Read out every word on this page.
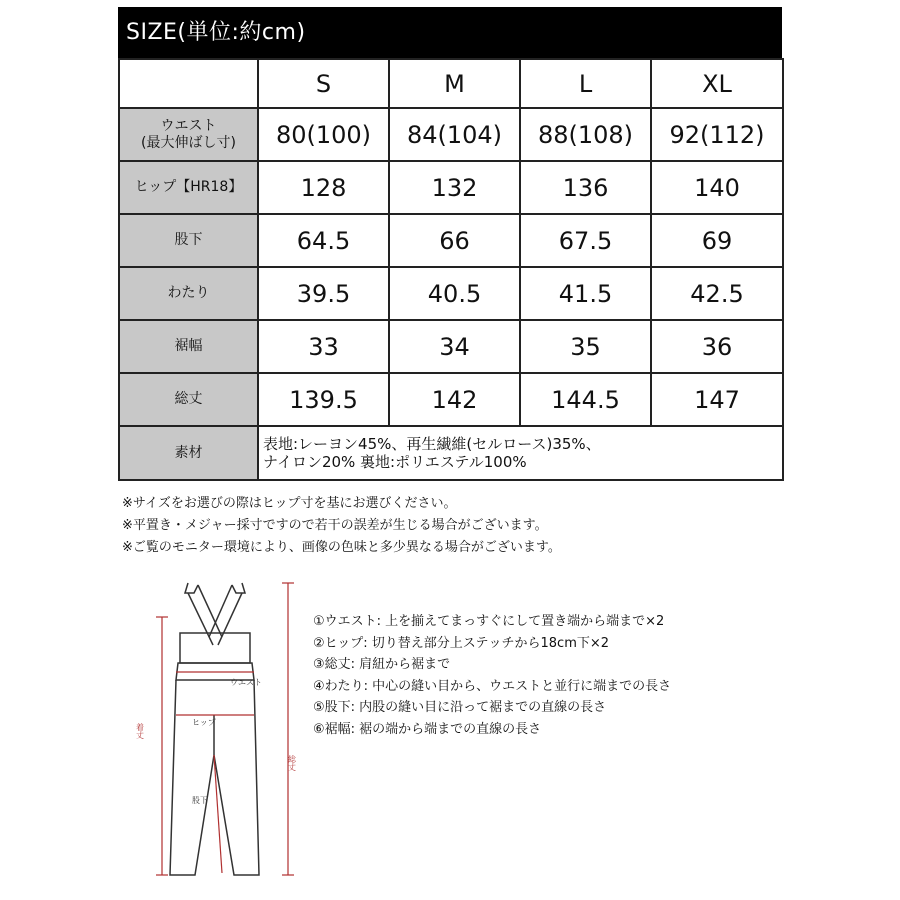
SIZE(単位:約cm)
	S	M	L	XL

ウエスト
(最大伸ばし寸)	80(100)	84(104)	88(108)	92(112)
ヒップ【HR18】	128	132	136	140
股下	64.5	66	67.5	69
わたり	39.5	40.5	41.5	42.5
裾幅	33	34	35	36
総丈	139.5	142	144.5	147
素材	表地:レーヨン45%、再生繊維(セルロース)35%、
ナイロン20% 裏地:ポリエステル100%			
※サイズをお選びの際はヒップ寸を基にお選びください。
※平置き・メジャー採寸ですので若干の誤差が生じる場合がございます。
※ご覧のモニター環境により、画像の色味と多少異なる場合がございます。
ウエスト
ヒップ
股下
着丈
総丈
①ウエスト: 上を揃えてまっすぐにして置き端から端まで×2
②ヒップ: 切り替え部分上ステッチから18cm下×2
③総丈: 肩紐から裾まで
④わたり: 中心の縫い目から、ウエストと並行に端までの長さ
⑤股下: 内股の縫い目に沿って裾までの直線の長さ
⑥裾幅: 裾の端から端までの直線の長さ
